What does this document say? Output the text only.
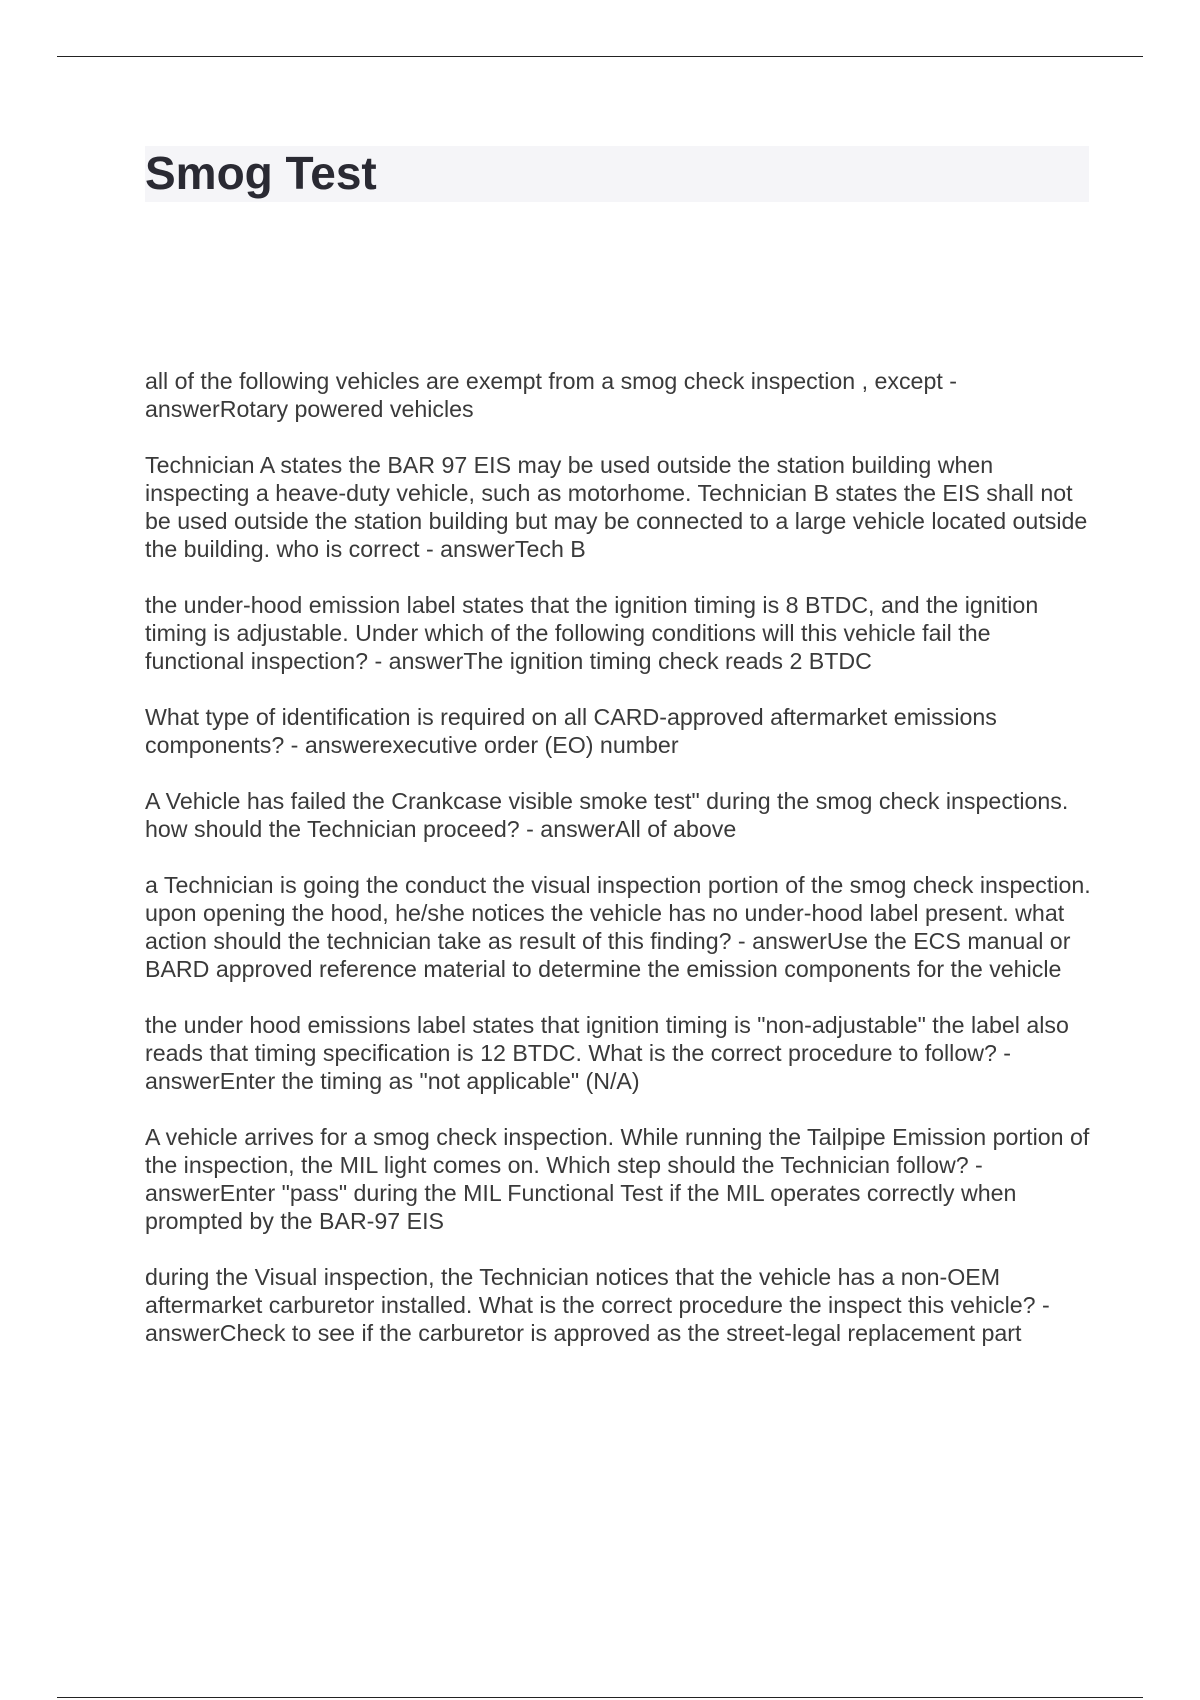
Smog Test

all of the following vehicles are exempt from a smog check inspection , except - answerRotary powered vehicles

Technician A states the BAR 97 EIS may be used outside the station building when inspecting a heave-duty vehicle, such as motorhome. Technician B states the EIS shall not be used outside the station building but may be connected to a large vehicle located outside the building. who is correct - answerTech B

the under-hood emission label states that the ignition timing is 8 BTDC, and the ignition timing is adjustable. Under which of the following conditions will this vehicle fail the functional inspection? - answerThe ignition timing check reads 2 BTDC

What type of identification is required on all CARD-approved aftermarket emissions components? - answerexecutive order (EO) number

A Vehicle has failed the Crankcase visible smoke test" during the smog check inspections. how should the Technician proceed? - answerAll of above

a Technician is going the conduct the visual inspection portion of the smog check inspection. upon opening the hood, he/she notices the vehicle has no under-hood label present. what action should the technician take as result of this finding? - answerUse the ECS manual or BARD approved reference material to determine the emission components for the vehicle

the under hood emissions label states that ignition timing is "non-adjustable" the label also reads that timing specification is 12 BTDC. What is the correct procedure to follow? - answerEnter the timing as "not applicable" (N/A)

A vehicle arrives for a smog check inspection. While running the Tailpipe Emission portion of the inspection, the MIL light comes on. Which step should the Technician follow? - answerEnter "pass" during the MIL Functional Test if the MIL operates correctly when prompted by the BAR-97 EIS

during the Visual inspection, the Technician notices that the vehicle has a non-OEM aftermarket carburetor installed. What is the correct procedure the inspect this vehicle? - answerCheck to see if the carburetor is approved as the street-legal replacement part
